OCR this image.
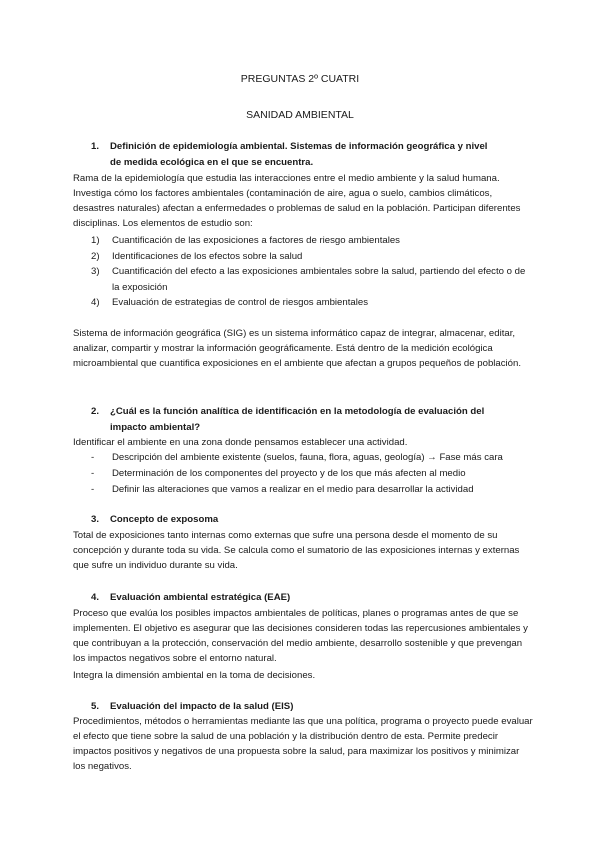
PREGUNTAS 2º CUATRI
SANIDAD AMBIENTAL
1. Definición de epidemiología ambiental. Sistemas de información geográfica y nivel de medida ecológica en el que se encuentra.
Rama de la epidemiología que estudia las interacciones entre el medio ambiente y la salud humana. Investiga cómo los factores ambientales (contaminación de aire, agua o suelo, cambios climáticos, desastres naturales) afectan a enfermedades o problemas de salud en la población. Participan diferentes disciplinas. Los elementos de estudio son:
1) Cuantificación de las exposiciones a factores de riesgo ambientales
2) Identificaciones de los efectos sobre la salud
3) Cuantificación del efecto a las exposiciones ambientales sobre la salud, partiendo del efecto o de la exposición
4) Evaluación de estrategias de control de riesgos ambientales
Sistema de información geográfica (SIG) es un sistema informático capaz de integrar, almacenar, editar, analizar, compartir y mostrar la información geográficamente. Está dentro de la medición ecológica microambiental que cuantifica exposiciones en el ambiente que afectan a grupos pequeños de población.
2. ¿Cuál es la función analítica de identificación en la metodología de evaluación del impacto ambiental?
Identificar el ambiente en una zona donde pensamos establecer una actividad.
- Descripción del ambiente existente (suelos, fauna, flora, aguas, geología) → Fase más cara
- Determinación de los componentes del proyecto y de los que más afecten al medio
- Definir las alteraciones que vamos a realizar en el medio para desarrollar la actividad
3. Concepto de exposoma
Total de exposiciones tanto internas como externas que sufre una persona desde el momento de su concepción y durante toda su vida. Se calcula como el sumatorio de las exposiciones internas y externas que sufre un individuo durante su vida.
4. Evaluación ambiental estratégica (EAE)
Proceso que evalúa los posibles impactos ambientales de políticas, planes o programas antes de que se implementen. El objetivo es asegurar que las decisiones consideren todas las repercusiones ambientales y que contribuyan a la protección, conservación del medio ambiente, desarrollo sostenible y que prevengan los impactos negativos sobre el entorno natural.
Integra la dimensión ambiental en la toma de decisiones.
5. Evaluación del impacto de la salud (EIS)
Procedimientos, métodos o herramientas mediante las que una política, programa o proyecto puede evaluar el efecto que tiene sobre la salud de una población y la distribución dentro de esta. Permite predecir impactos positivos y negativos de una propuesta sobre la salud, para maximizar los positivos y minimizar los negativos.
